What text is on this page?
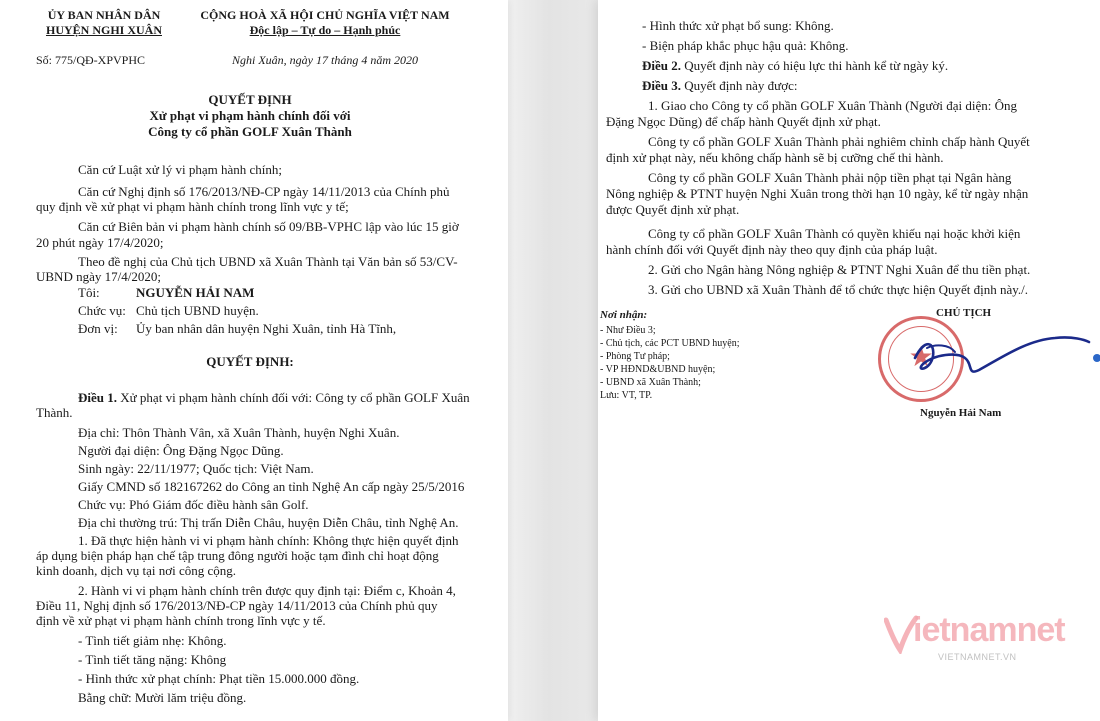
ỦY BAN NHÂN DÂN
HUYỆN NGHI XUÂN
CỘNG HOÀ XÃ HỘI CHỦ NGHĨA VIỆT NAM
Độc lập – Tự do – Hạnh phúc
Số: 775/QĐ-XPVPHC	Nghi Xuân, ngày 17 tháng 4 năm 2020
QUYẾT ĐỊNH
Xử phạt vi phạm hành chính đối với
Công ty cổ phần GOLF Xuân Thành
Căn cứ Luật xử lý vi phạm hành chính;
Căn cứ Nghị định số 176/2013/NĐ-CP ngày 14/11/2013 của Chính phủ
quy định về xử phạt vi phạm hành chính trong lĩnh vực y tế;
Căn cứ Biên bản vi phạm hành chính số 09/BB-VPHC lập vào lúc 15 giờ
20 phút ngày 17/4/2020;
Theo đề nghị của Chủ tịch UBND xã Xuân Thành tại Văn bản số 53/CV-
UBND ngày 17/4/2020;
Tôi:	NGUYỄN HẢI NAM
Chức vụ: Chủ tịch UBND huyện.
Đơn vị: Ủy ban nhân dân huyện Nghi Xuân, tỉnh Hà Tĩnh,
QUYẾT ĐỊNH:
Điều 1. Xử phạt vi phạm hành chính đối với: Công ty cổ phần GOLF Xuân
Thành.
Địa chỉ: Thôn Thành Vân, xã Xuân Thành, huyện Nghi Xuân.
Người đại diện: Ông Đặng Ngọc Dũng.
Sinh ngày: 22/11/1977; Quốc tịch: Việt Nam.
Giấy CMND số 182167262 do Công an tỉnh Nghệ An cấp ngày 25/5/2016
Chức vụ: Phó Giám đốc điều hành sân Golf.
Địa chỉ thường trú: Thị trấn Diễn Châu, huyện Diễn Châu, tỉnh Nghệ An.
1. Đã thực hiện hành vi vi phạm hành chính: Không thực hiện quyết định
áp dụng biện pháp hạn chế tập trung đông người hoặc tạm đình chỉ hoạt động
kinh doanh, dịch vụ tại nơi công cộng.
2. Hành vi vi phạm hành chính trên được quy định tại: Điểm c, Khoản 4,
Điều 11, Nghị định số 176/2013/NĐ-CP ngày 14/11/2013 của Chính phủ quy
định về xử phạt vi phạm hành chính trong lĩnh vực y tế.
- Tình tiết giảm nhẹ: Không.
- Tình tiết tăng nặng: Không
- Hình thức xử phạt chính: Phạt tiền 15.000.000 đồng.
Bằng chữ: Mười lăm triệu đồng.
- Hình thức xử phạt bổ sung: Không.
- Biện pháp khắc phục hậu quả: Không.
Điều 2. Quyết định này có hiệu lực thi hành kể từ ngày ký.
Điều 3. Quyết định này được:
1. Giao cho Công ty cổ phần GOLF Xuân Thành (Người đại diện: Ông
Đặng Ngọc Dũng) để chấp hành Quyết định xử phạt.
Công ty cổ phần GOLF Xuân Thành phải nghiêm chỉnh chấp hành Quyết
định xử phạt này, nếu không chấp hành sẽ bị cưỡng chế thi hành.
Công ty cổ phần GOLF Xuân Thành phải nộp tiền phạt tại Ngân hàng
Nông nghiệp & PTNT huyện Nghi Xuân trong thời hạn 10 ngày, kể từ ngày nhận
được Quyết định xử phạt.
Công ty cổ phần GOLF Xuân Thành có quyền khiếu nại hoặc khởi kiện
hành chính đối với Quyết định này theo quy định của pháp luật.
2. Gửi cho Ngân hàng Nông nghiệp & PTNT Nghi Xuân để thu tiền phạt.
3. Gửi cho UBND xã Xuân Thành để tổ chức thực hiện Quyết định này./.
Nơi nhận:
- Như Điều 3;
- Chủ tịch, các PCT UBND huyện;
- Phòng Tư pháp;
- VP HĐND&UBND huyện;
- UBND xã Xuân Thành;
Lưu: VT, TP.
CHỦ TỊCH
Nguyễn Hải Nam
★
ietnamnet
VIETNAMNET.VN
